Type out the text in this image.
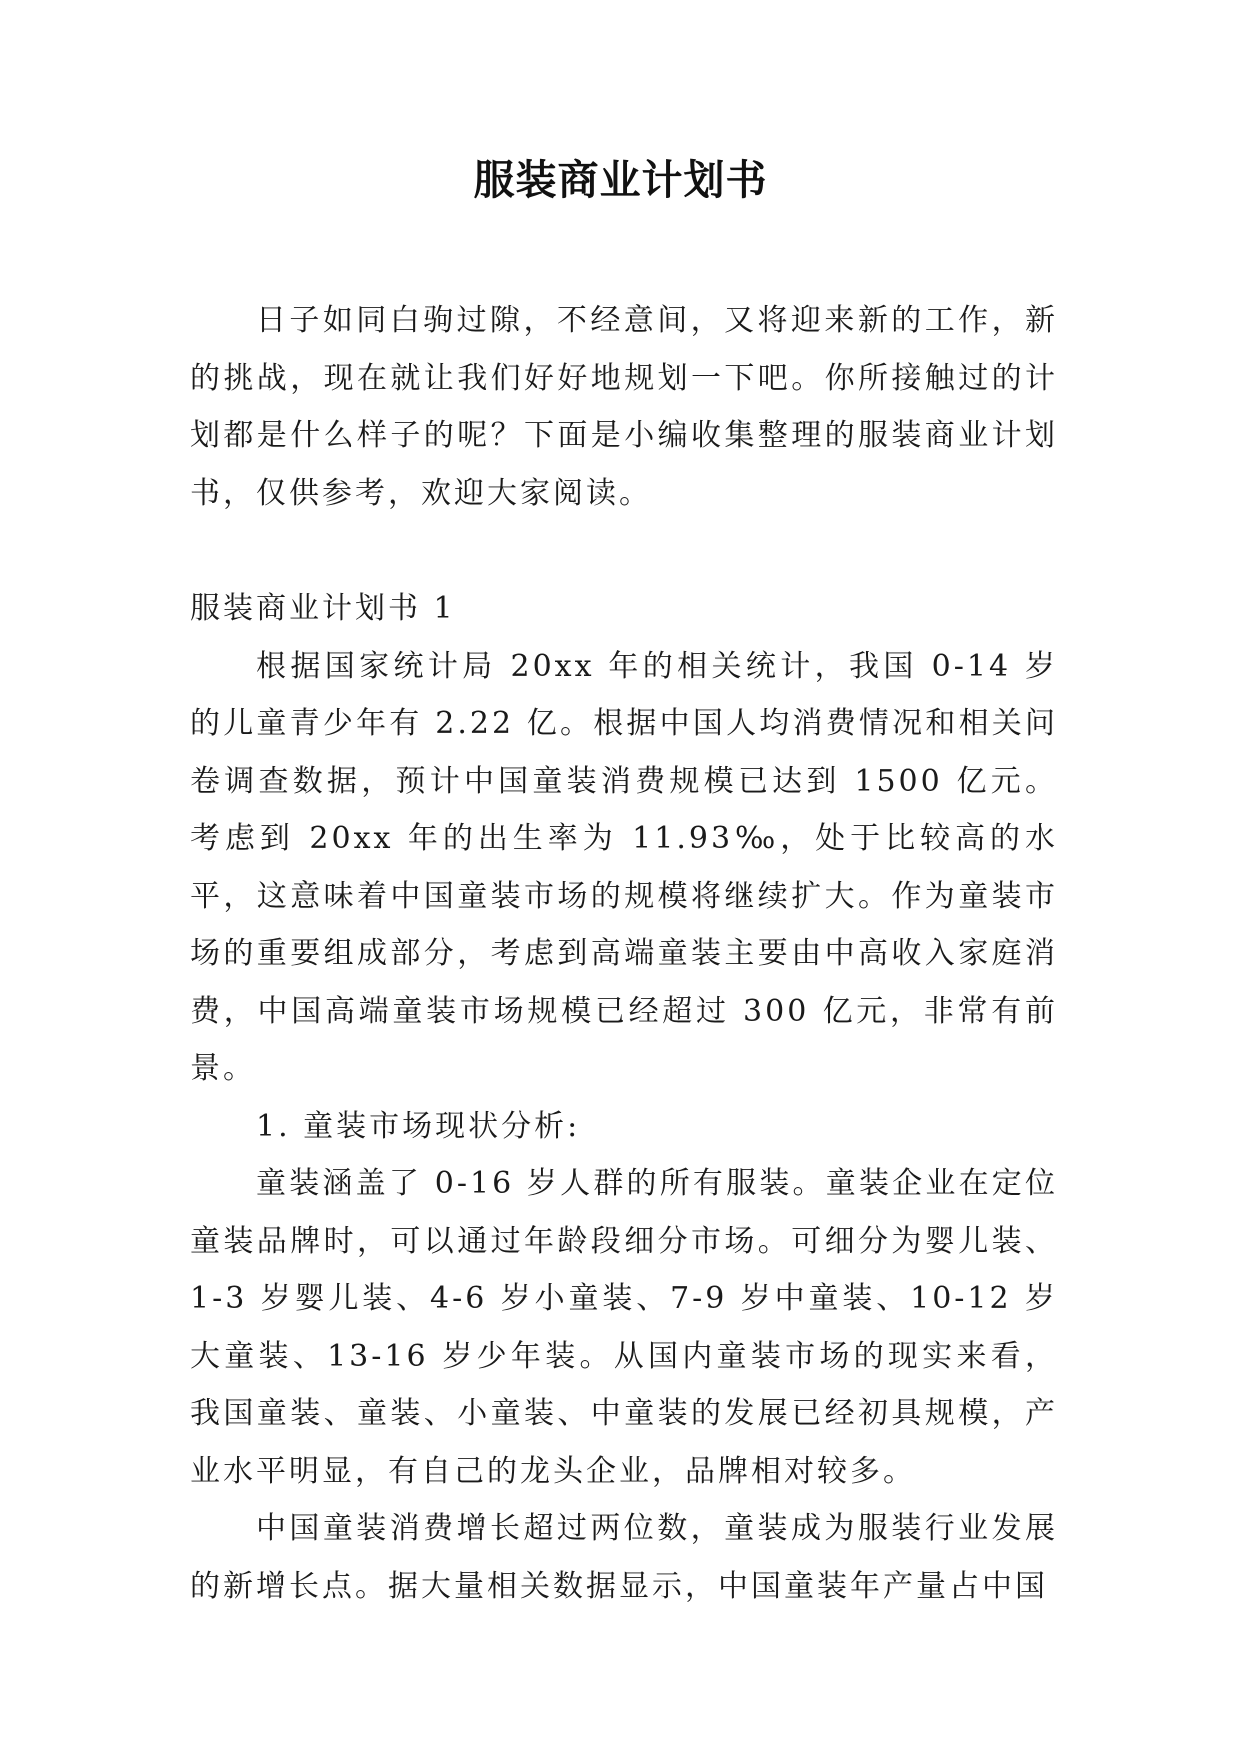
服装商业计划书

日子如同白驹过隙，不经意间，又将迎来新的工作，新的挑战，现在就让我们好好地规划一下吧。你所接触过的计划都是什么样子的呢？下面是小编收集整理的服装商业计划书，仅供参考，欢迎大家阅读。

服装商业计划书 1

根据国家统计局 20xx 年的相关统计，我国 0-14 岁的儿童青少年有 2.22 亿。根据中国人均消费情况和相关问卷调查数据，预计中国童装消费规模已达到 1500 亿元。考虑到 20xx 年的出生率为 11.93‰，处于比较高的水平，这意味着中国童装市场的规模将继续扩大。作为童装市场的重要组成部分，考虑到高端童装主要由中高收入家庭消费，中国高端童装市场规模已经超过 300 亿元，非常有前景。

1. 童装市场现状分析:

童装涵盖了 0-16 岁人群的所有服装。童装企业在定位童装品牌时，可以通过年龄段细分市场。可细分为婴儿装、1-3 岁婴儿装、4-6 岁小童装、7-9 岁中童装、10-12 岁大童装、13-16 岁少年装。从国内童装市场的现实来看，我国童装、童装、小童装、中童装的发展已经初具规模，产业水平明显，有自己的龙头企业，品牌相对较多。

中国童装消费增长超过两位数，童装成为服装行业发展的新增长点。据大量相关数据显示，中国童装年产量占中国
